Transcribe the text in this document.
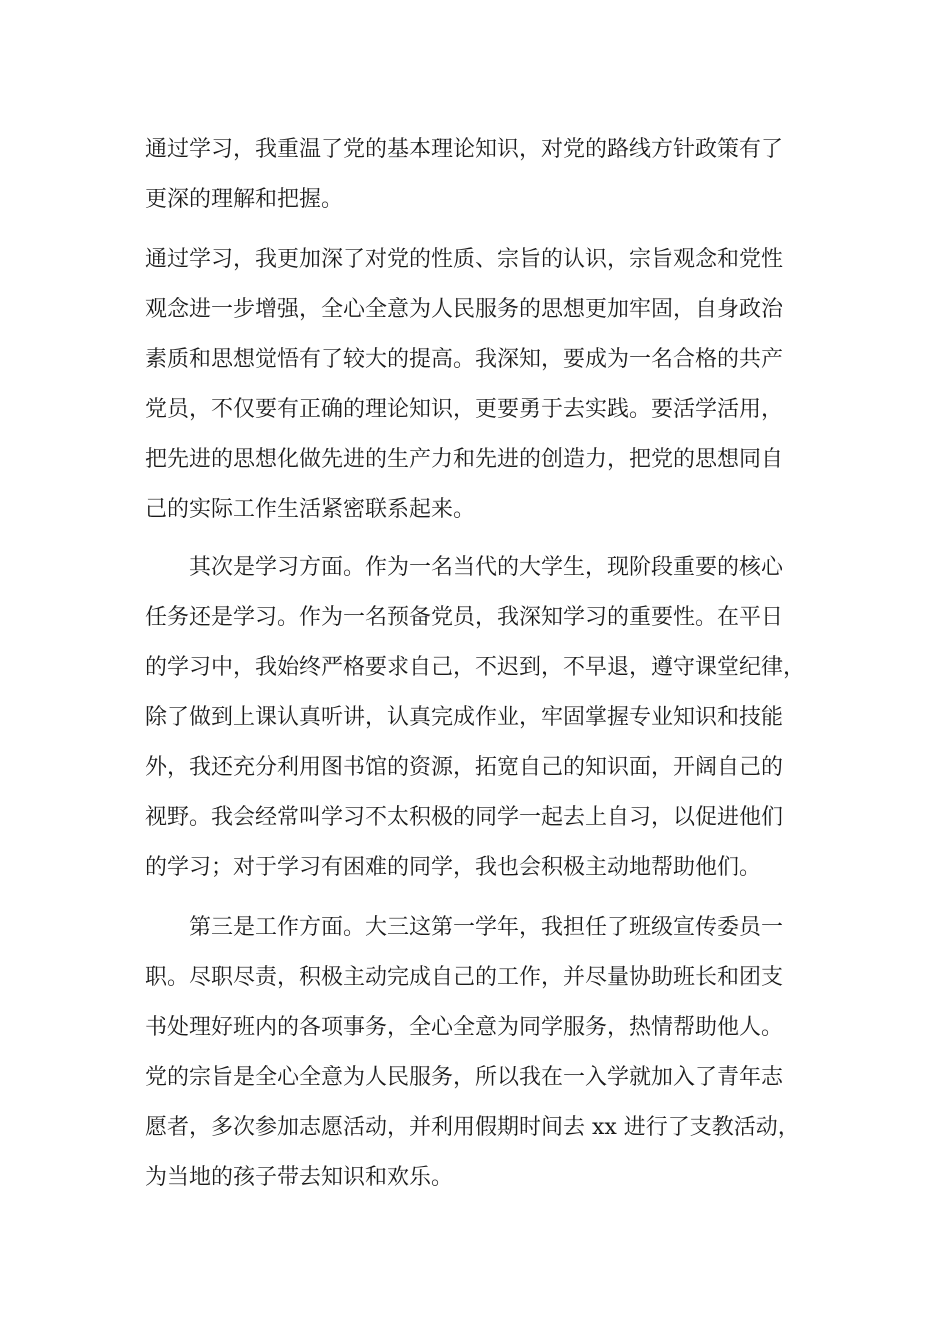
通过学习，我重温了党的基本理论知识，对党的路线方针政策有了
更深的理解和把握。
通过学习，我更加深了对党的性质、宗旨的认识，宗旨观念和党性
观念进一步增强，全心全意为人民服务的思想更加牢固，自身政治
素质和思想觉悟有了较大的提高。我深知，要成为一名合格的共产
党员，不仅要有正确的理论知识，更要勇于去实践。要活学活用，
把先进的思想化做先进的生产力和先进的创造力，把党的思想同自
己的实际工作生活紧密联系起来。
其次是学习方面。作为一名当代的大学生，现阶段重要的核心
任务还是学习。作为一名预备党员，我深知学习的重要性。在平日
的学习中，我始终严格要求自己，不迟到，不早退，遵守课堂纪律，
除了做到上课认真听讲，认真完成作业，牢固掌握专业知识和技能
外，我还充分利用图书馆的资源，拓宽自己的知识面，开阔自己的
视野。我会经常叫学习不太积极的同学一起去上自习，以促进他们
的学习；对于学习有困难的同学，我也会积极主动地帮助他们。
第三是工作方面。大三这第一学年，我担任了班级宣传委员一
职。尽职尽责，积极主动完成自己的工作，并尽量协助班长和团支
书处理好班内的各项事务，全心全意为同学服务，热情帮助他人。
党的宗旨是全心全意为人民服务，所以我在一入学就加入了青年志
愿者，多次参加志愿活动，并利用假期时间去 xx 进行了支教活动，
为当地的孩子带去知识和欢乐。
